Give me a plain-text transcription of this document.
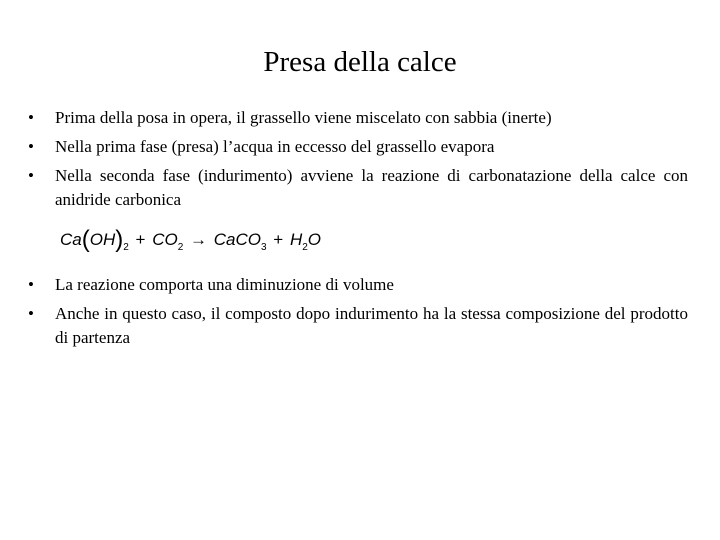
Presa della calce
•	Prima della posa in opera, il grassello viene miscelato con sabbia (inerte)
•	Nella prima fase (presa) l’acqua in eccesso del grassello evapora
•	Nella seconda fase (indurimento) avviene la reazione di carbonatazione della calce con anidride carbonica
$Ca(OH)_2 + CO_2$ → CaCO$_3$ + $H_2O$
•	La reazione comporta una diminuzione di volume
•	Anche in questo caso, il composto dopo indurimento ha la stessa composizione del prodotto di partenza
